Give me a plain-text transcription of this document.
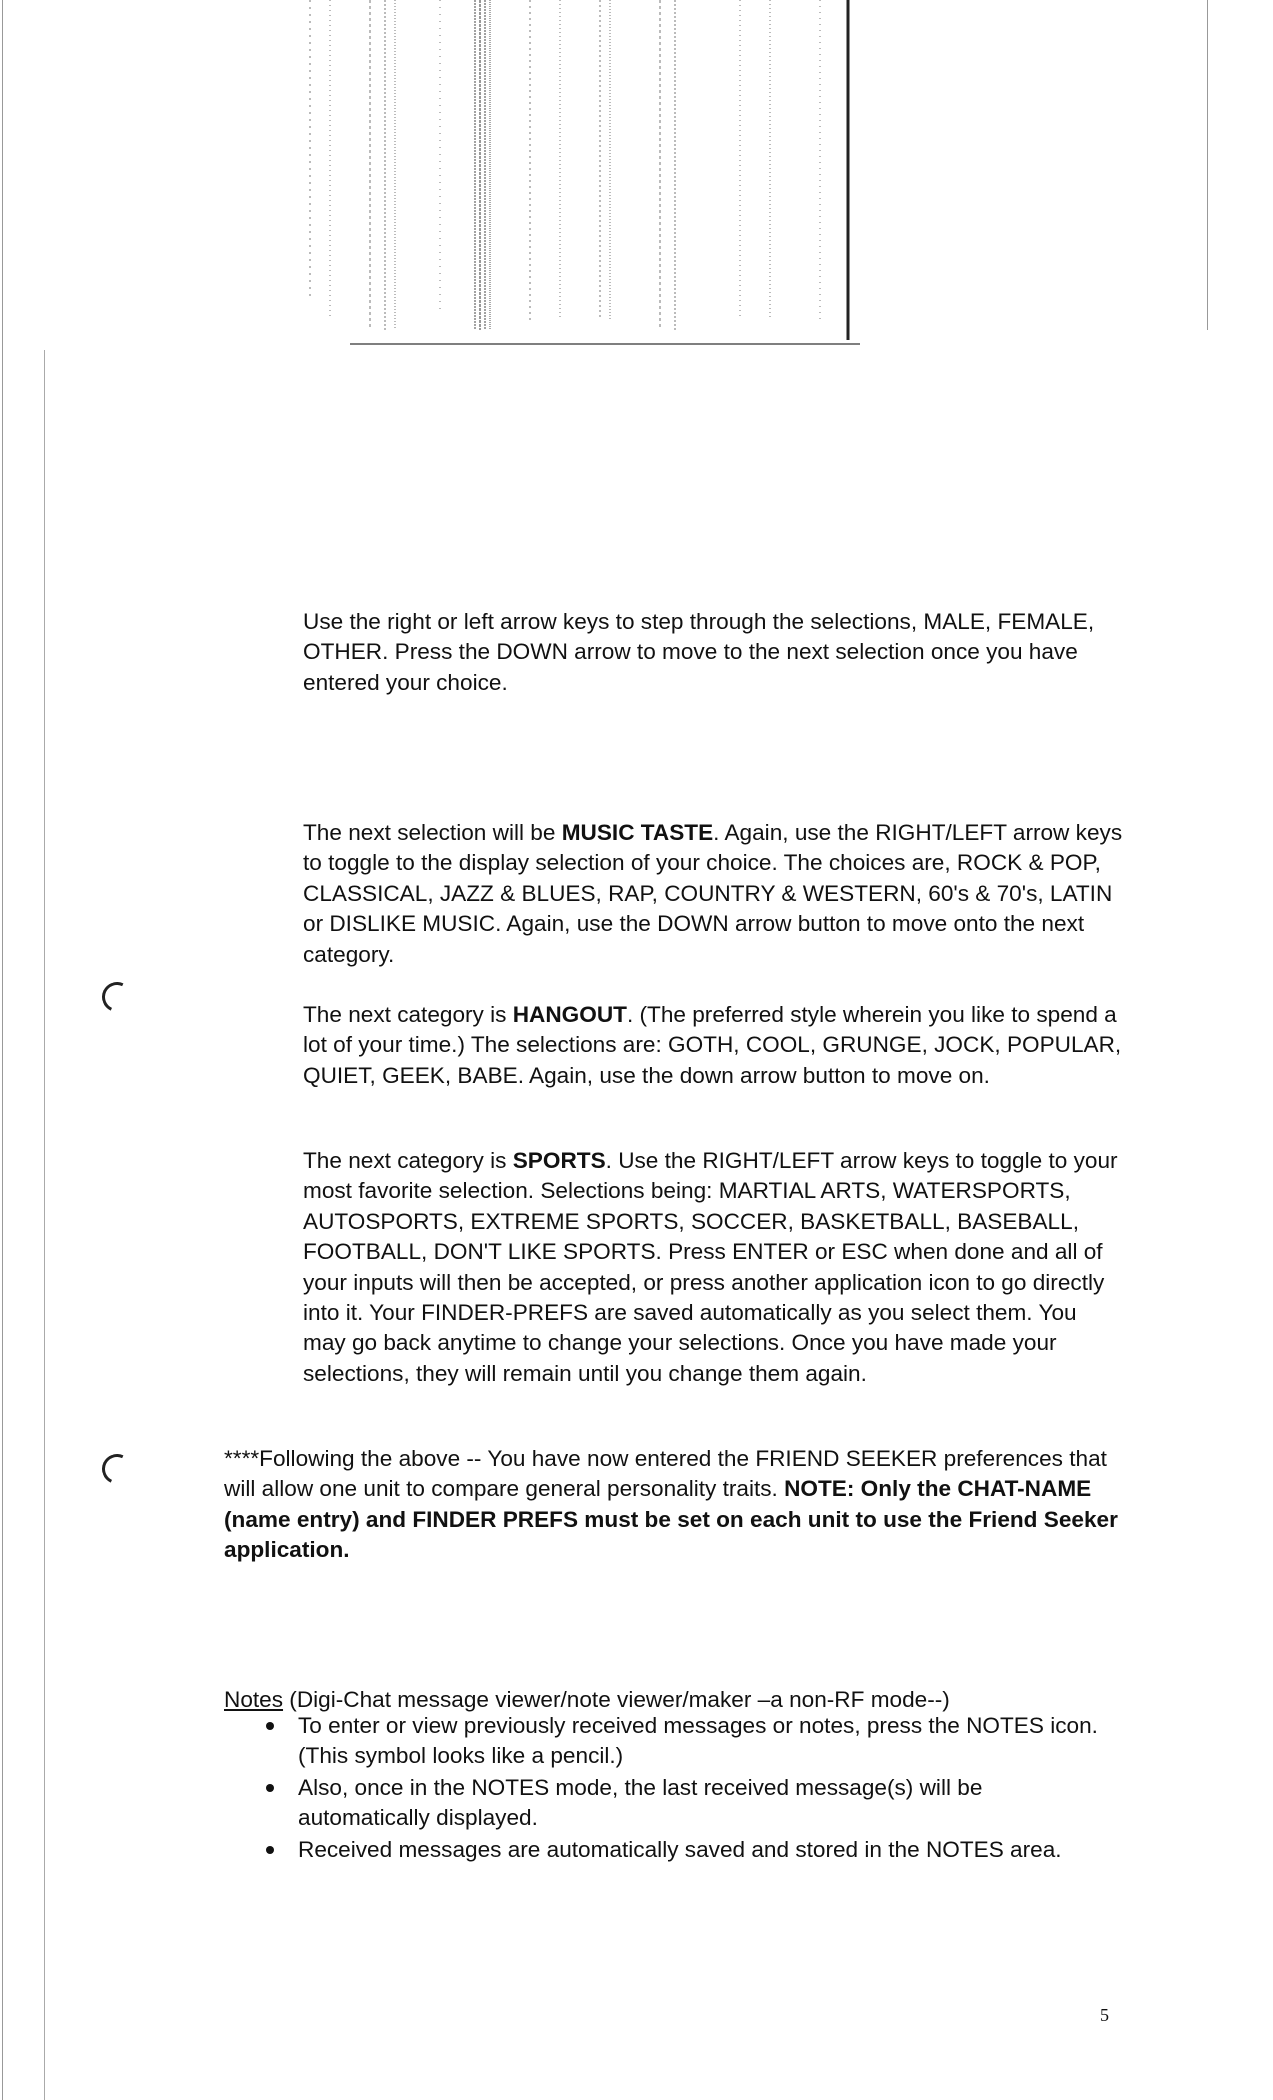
Use the right or left arrow keys to step through the selections, MALE, FEMALE, OTHER. Press the DOWN arrow to move to the next selection once you have entered your choice.

The next selection will be MUSIC TASTE. Again, use the RIGHT/LEFT arrow keys to toggle to the display selection of your choice. The choices are, ROCK & POP, CLASSICAL, JAZZ & BLUES, RAP, COUNTRY & WESTERN, 60's & 70's, LATIN or DISLIKE MUSIC. Again, use the DOWN arrow button to move onto the next category.

The next category is HANGOUT. (The preferred style wherein you like to spend a lot of your time.) The selections are: GOTH, COOL, GRUNGE, JOCK, POPULAR, QUIET, GEEK, BABE. Again, use the down arrow button to move on.

The next category is SPORTS. Use the RIGHT/LEFT arrow keys to toggle to your most favorite selection. Selections being: MARTIAL ARTS, WATERSPORTS, AUTOSPORTS, EXTREME SPORTS, SOCCER, BASKETBALL, BASEBALL, FOOTBALL, DON'T LIKE SPORTS. Press ENTER or ESC when done and all of your inputs will then be accepted, or press another application icon to go directly into it. Your FINDER-PREFS are saved automatically as you select them. You may go back anytime to change your selections. Once you have made your selections, they will remain until you change them again.

****Following the above -- You have now entered the FRIEND SEEKER preferences that will allow one unit to compare general personality traits. NOTE: Only the CHAT-NAME (name entry) and FINDER PREFS must be set on each unit to use the Friend Seeker application.

Notes (Digi-Chat message viewer/note viewer/maker –a non-RF mode--)
To enter or view previously received messages or notes, press the NOTES icon. (This symbol looks like a pencil.)
Also, once in the NOTES mode, the last received message(s) will be automatically displayed.
Received messages are automatically saved and stored in the NOTES area.
5
